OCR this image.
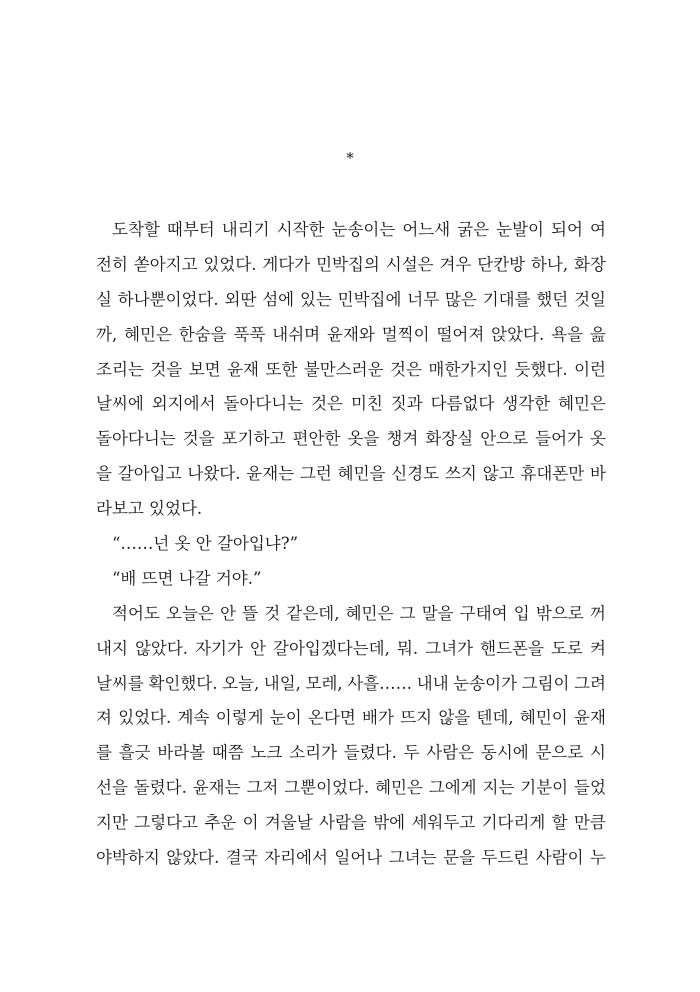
*
도착할 때부터 내리기 시작한 눈송이는 어느새 굵은 눈발이 되어 여
전히 쏟아지고 있었다. 게다가 민박집의 시설은 겨우 단칸방 하나, 화장
실 하나뿐이었다. 외딴 섬에 있는 민박집에 너무 많은 기대를 했던 것일
까, 혜민은 한숨을 푹푹 내쉬며 윤재와 멀찍이 떨어져 앉았다. 욕을 읊
조리는 것을 보면 윤재 또한 불만스러운 것은 매한가지인 듯했다. 이런
날씨에 외지에서 돌아다니는 것은 미친 짓과 다름없다 생각한 혜민은
돌아다니는 것을 포기하고 편안한 옷을 챙겨 화장실 안으로 들어가 옷
을 갈아입고 나왔다. 윤재는 그런 혜민을 신경도 쓰지 않고 휴대폰만 바
라보고 있었다.
“……넌 옷 안 갈아입냐?”
“배 뜨면 나갈 거야.”
적어도 오늘은 안 뜰 것 같은데, 혜민은 그 말을 구태여 입 밖으로 꺼
내지 않았다. 자기가 안 갈아입겠다는데, 뭐. 그녀가 핸드폰을 도로 켜
날씨를 확인했다. 오늘, 내일, 모레, 사흘…… 내내 눈송이가 그림이 그려
져 있었다. 계속 이렇게 눈이 온다면 배가 뜨지 않을 텐데, 혜민이 윤재
를 흘긋 바라볼 때쯤 노크 소리가 들렸다. 두 사람은 동시에 문으로 시
선을 돌렸다. 윤재는 그저 그뿐이었다. 혜민은 그에게 지는 기분이 들었
지만 그렇다고 추운 이 겨울날 사람을 밖에 세워두고 기다리게 할 만큼
야박하지 않았다. 결국 자리에서 일어나 그녀는 문을 두드린 사람이 누
